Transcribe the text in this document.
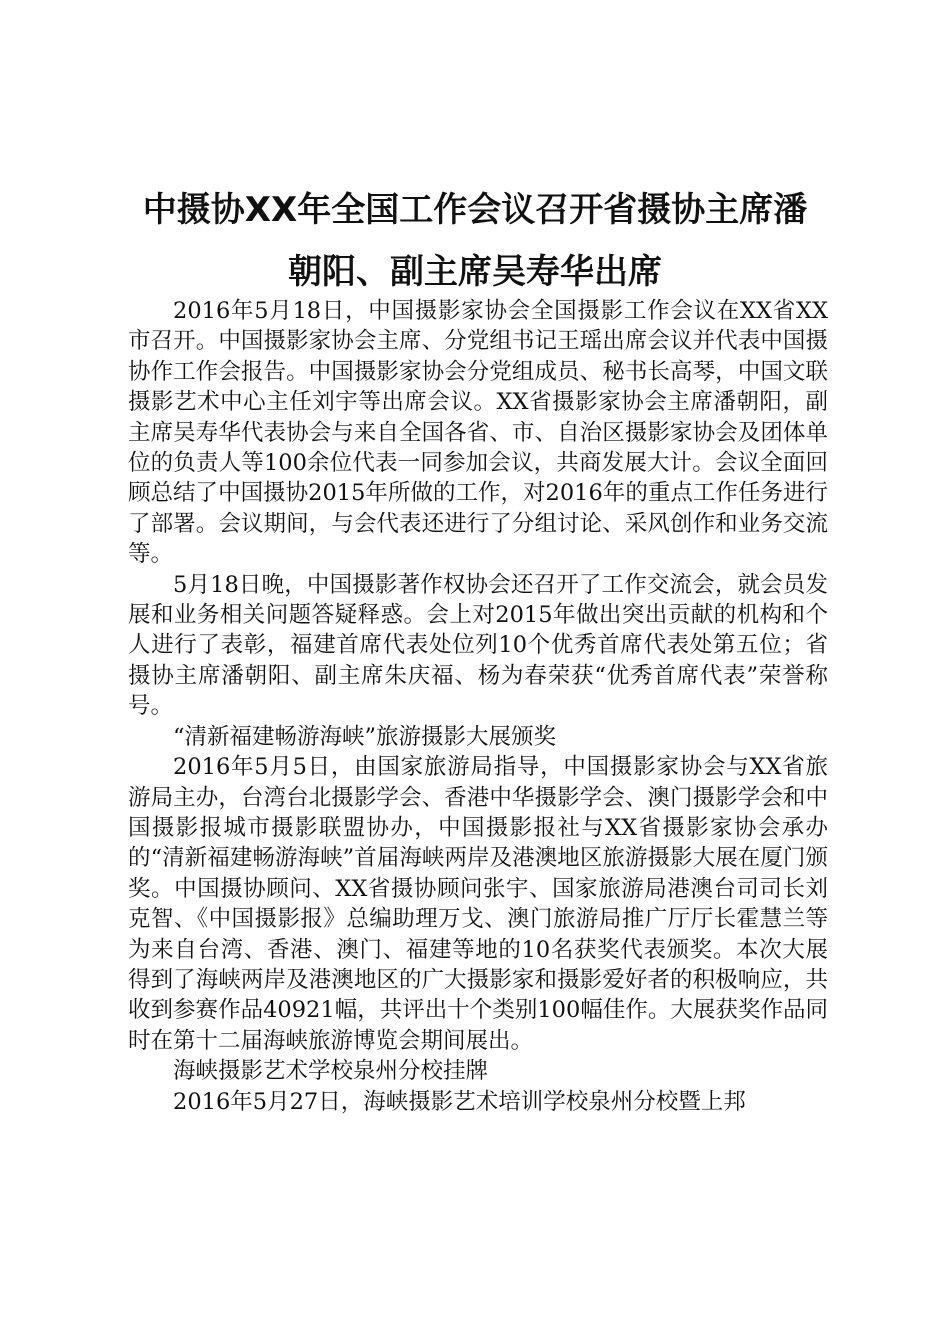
中摄协XX年全国工作会议召开省摄协主席潘
朝阳、副主席吴寿华出席

2016年5月18日，中国摄影家协会全国摄影工作会议在XX省XX市召开。中国摄影家协会主席、分党组书记王瑶出席会议并代表中国摄协作工作会报告。中国摄影家协会分党组成员、秘书长高琴，中国文联摄影艺术中心主任刘宇等出席会议。XX省摄影家协会主席潘朝阳，副主席吴寿华代表协会与来自全国各省、市、自治区摄影家协会及团体单位的负责人等100余位代表一同参加会议，共商发展大计。会议全面回顾总结了中国摄协2015年所做的工作，对2016年的重点工作任务进行了部署。会议期间，与会代表还进行了分组讨论、采风创作和业务交流等。

5月18日晚，中国摄影著作权协会还召开了工作交流会，就会员发展和业务相关问题答疑释惑。会上对2015年做出突出贡献的机构和个人进行了表彰，福建首席代表处位列10个优秀首席代表处第五位；省摄协主席潘朝阳、副主席朱庆福、杨为春荣获“优秀首席代表”荣誉称号。

“清新福建畅游海峡”旅游摄影大展颁奖

2016年5月5日，由国家旅游局指导，中国摄影家协会与XX省旅游局主办，台湾台北摄影学会、香港中华摄影学会、澳门摄影学会和中国摄影报城市摄影联盟协办，中国摄影报社与XX省摄影家协会承办的“清新福建畅游海峡”首届海峡两岸及港澳地区旅游摄影大展在厦门颁奖。中国摄协顾问、XX省摄协顾问张宇、国家旅游局港澳台司司长刘克智、《中国摄影报》总编助理万戈、澳门旅游局推广厅厅长霍慧兰等为来自台湾、香港、澳门、福建等地的10名获奖代表颁奖。本次大展得到了海峡两岸及港澳地区的广大摄影家和摄影爱好者的积极响应，共收到参赛作品40921幅，共评出十个类别100幅佳作。大展获奖作品同时在第十二届海峡旅游博览会期间展出。

海峡摄影艺术学校泉州分校挂牌

2016年5月27日，海峡摄影艺术培训学校泉州分校暨上邦
